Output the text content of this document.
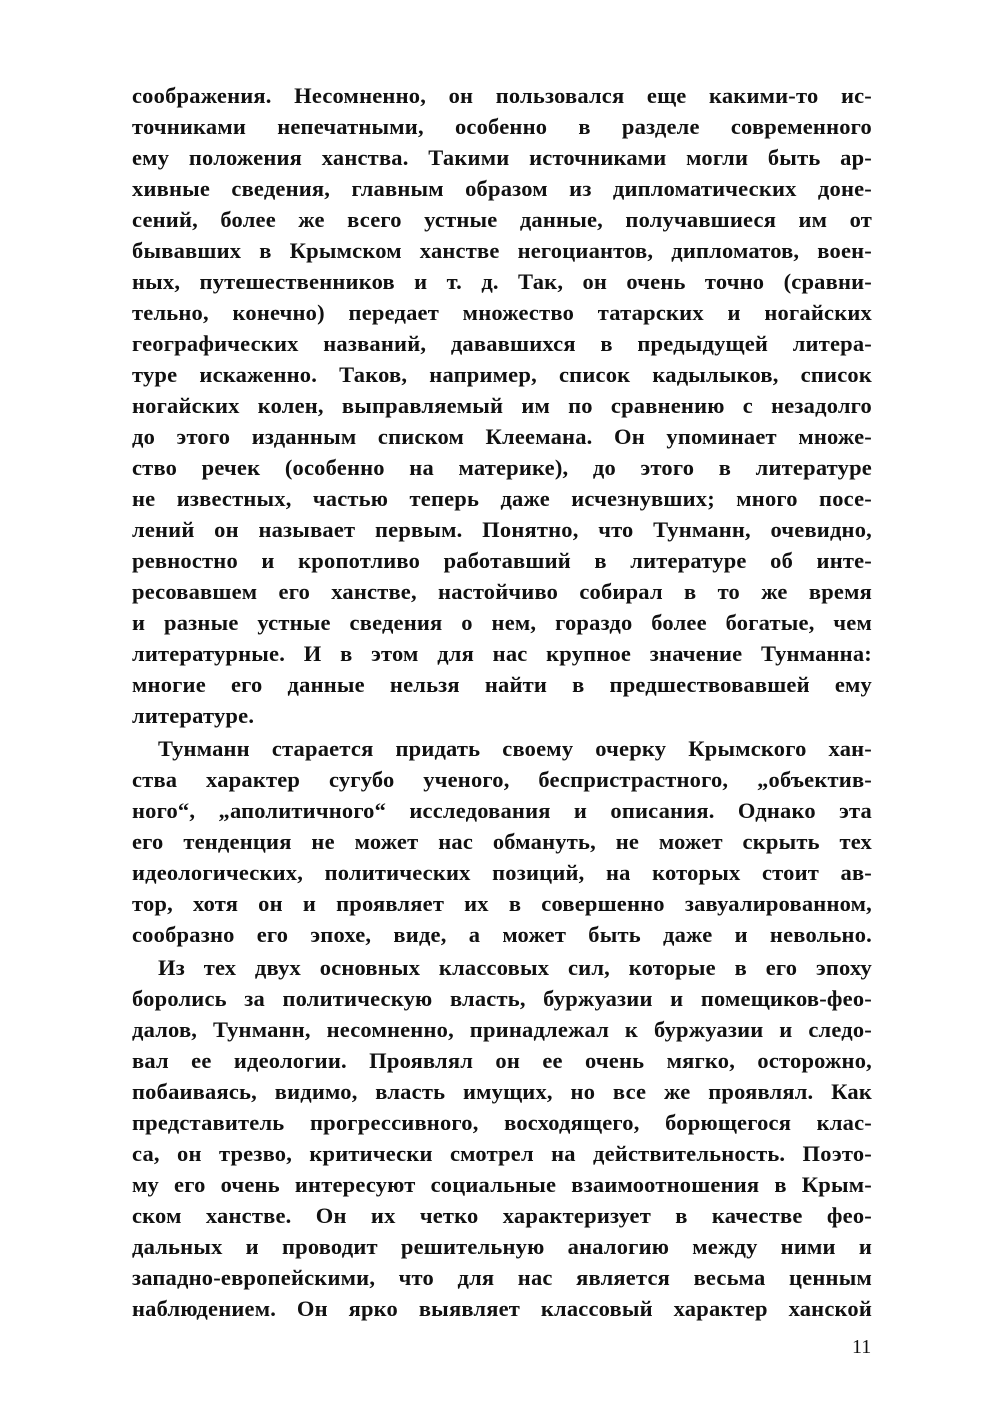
соображения. Несомненно, он пользовался еще какими-то ис-
точниками непечатными, особенно в разделе современного
ему положения ханства. Такими источниками могли быть ар-
хивные сведения, главным образом из дипломатических доне-
сений, более же всего устные данные, получавшиеся им от
бывавших в Крымском ханстве негоциантов, дипломатов, воен-
ных, путешественников и т. д. Так, он очень точно (сравни-
тельно, конечно) передает множество татарских и ногайских
географических названий, дававшихся в предыдущей литера-
туре искаженно. Таков, например, список кадылыков, список
ногайских колен, выправляемый им по сравнению с незадолго
до этого изданным списком Клеемана. Он упоминает множе-
ство речек (особенно на материке), до этого в литературе
не известных, частью теперь даже исчезнувших; много посе-
лений он называет первым. Понятно, что Тунманн, очевидно,
ревностно и кропотливо работавший в литературе об инте-
ресовавшем его ханстве, настойчиво собирал в то же время
и разные устные сведения о нем, гораздо более богатые, чем
литературные. И в этом для нас крупное значение Тунманна:
многие его данные нельзя найти в предшествовавшей ему
литературе.
Тунманн старается придать своему очерку Крымского хан-
ства характер сугубо ученого, беспристрастного, „объектив-
ного“, „аполитичного“ исследования и описания. Однако эта
его тенденция не может нас обмануть, не может скрыть тех
идеологических, политических позиций, на которых стоит ав-
тор, хотя он и проявляет их в совершенно завуалированном,
сообразно его эпохе, виде, а может быть даже и невольно.
Из тех двух основных классовых сил, которые в его эпоху
боролись за политическую власть, буржуазии и помещиков-фео-
далов, Тунманн, несомненно, принадлежал к буржуазии и следо-
вал ее идеологии. Проявлял он ее очень мягко, осторожно,
побаиваясь, видимо, власть имущих, но все же проявлял. Как
представитель прогрессивного, восходящего, борющегося клас-
са, он трезво, критически смотрел на действительность. Поэто-
му его очень интересуют социальные взаимоотношения в Крым-
ском ханстве. Он их четко характеризует в качестве фео-
дальных и проводит решительную аналогию между ними и
западно-европейскими, что для нас является весьма ценным
наблюдением. Он ярко выявляет классовый характер ханской
11
